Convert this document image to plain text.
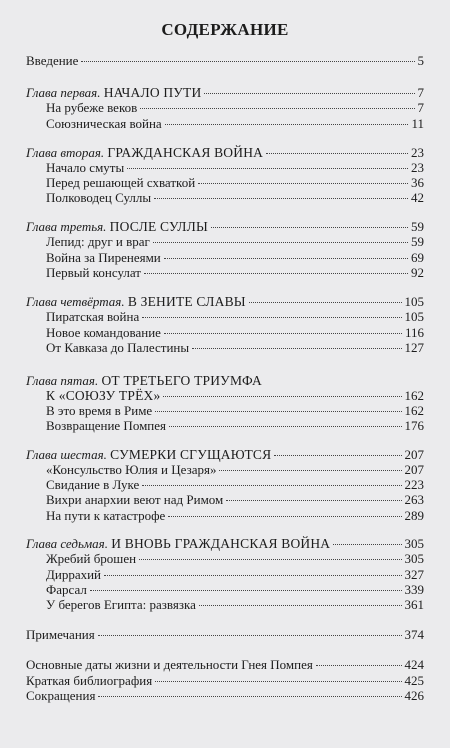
СОДЕРЖАНИЕ
Введение	5
Глава первая. НАЧАЛО ПУТИ	7
На рубеже веков	7
Союзническая война	11
Глава вторая. ГРАЖДАНСКАЯ ВОЙНА	23
Начало смуты	23
Перед решающей схваткой	36
Полководец Суллы	42
Глава третья. ПОСЛЕ СУЛЛЫ	59
Лепид: друг и враг	59
Война за Пиренеями	69
Первый консулат	92
Глава четвёртая. В ЗЕНИТЕ СЛАВЫ	105
Пиратская война	105
Новое командование	116
От Кавказа до Палестины	127
Глава пятая. ОТ ТРЕТЬЕГО ТРИУМФА
К «СОЮЗУ ТРЁХ»	162
В это время в Риме	162
Возвращение Помпея	176
Глава шестая. СУМЕРКИ СГУЩАЮТСЯ	207
«Консульство Юлия и Цезаря»	207
Свидание в Луке	223
Вихри анархии веют над Римом	263
На пути к катастрофе	289
Глава седьмая. И ВНОВЬ ГРАЖДАНСКАЯ ВОЙНА	305
Жребий брошен	305
Диррахий	327
Фарсал	339
У берегов Египта: развязка	361
Примечания	374
Основные даты жизни и деятельности Гнея Помпея	424
Краткая библиография	425
Сокращения	426
